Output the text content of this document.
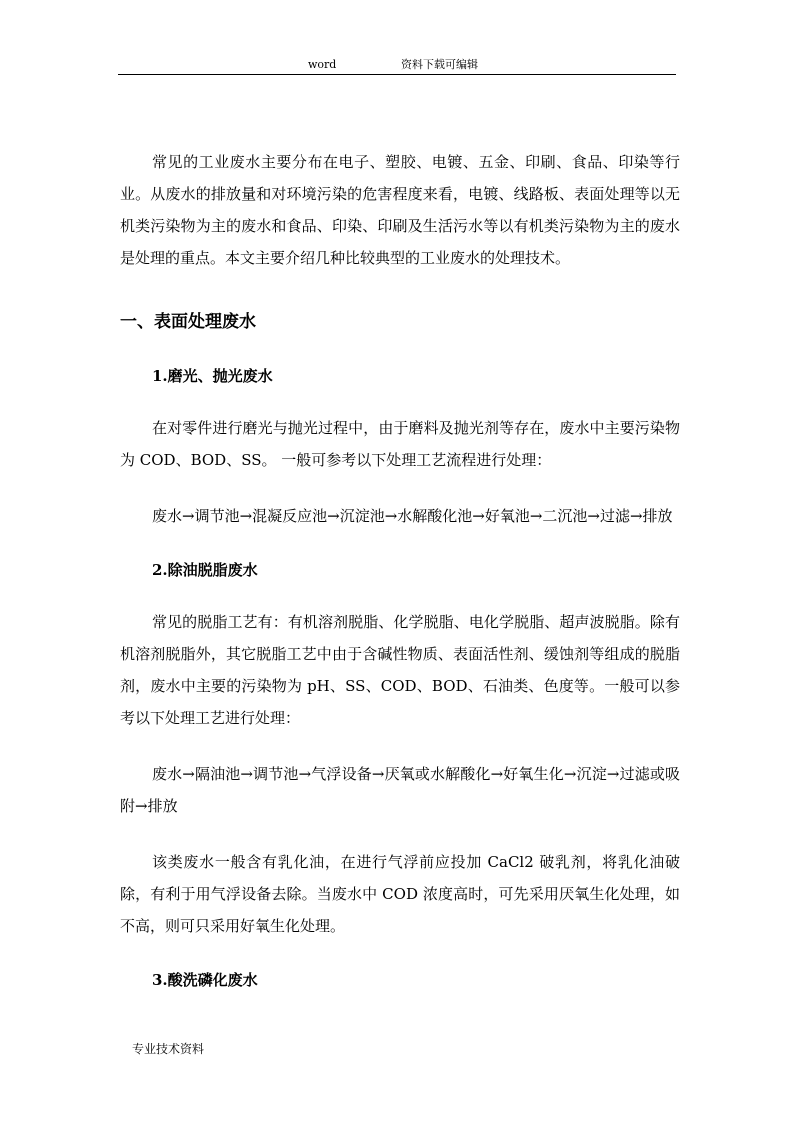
word	资料下载可编辑

常见的工业废水主要分布在电子、塑胶、电镀、五金、印刷、食品、印染等行业。从废水的排放量和对环境污染的危害程度来看，电镀、线路板、表面处理等以无机类污染物为主的废水和食品、印染、印刷及生活污水等以有机类污染物为主的废水是处理的重点。本文主要介绍几种比较典型的工业废水的处理技术。

一、表面处理废水
1.磨光、抛光废水

在对零件进行磨光与抛光过程中，由于磨料及抛光剂等存在，废水中主要污染物为 COD、BOD、SS。 一般可参考以下处理工艺流程进行处理：

废水→调节池→混凝反应池→沉淀池→水解酸化池→好氧池→二沉池→过滤→排放

2.除油脱脂废水

常见的脱脂工艺有：有机溶剂脱脂、化学脱脂、电化学脱脂、超声波脱脂。除有机溶剂脱脂外，其它脱脂工艺中由于含碱性物质、表面活性剂、缓蚀剂等组成的脱脂剂，废水中主要的污染物为 pH、SS、COD、BOD、石油类、色度等。一般可以参考以下处理工艺进行处理：

废水→隔油池→调节池→气浮设备→厌氧或水解酸化→好氧生化→沉淀→过滤或吸附→排放

该类废水一般含有乳化油，在进行气浮前应投加 CaCl2 破乳剂，将乳化油破除，有利于用气浮设备去除。当废水中 COD 浓度高时，可先采用厌氧生化处理，如不高，则可只采用好氧生化处理。

3.酸洗磷化废水
专业技术资料
